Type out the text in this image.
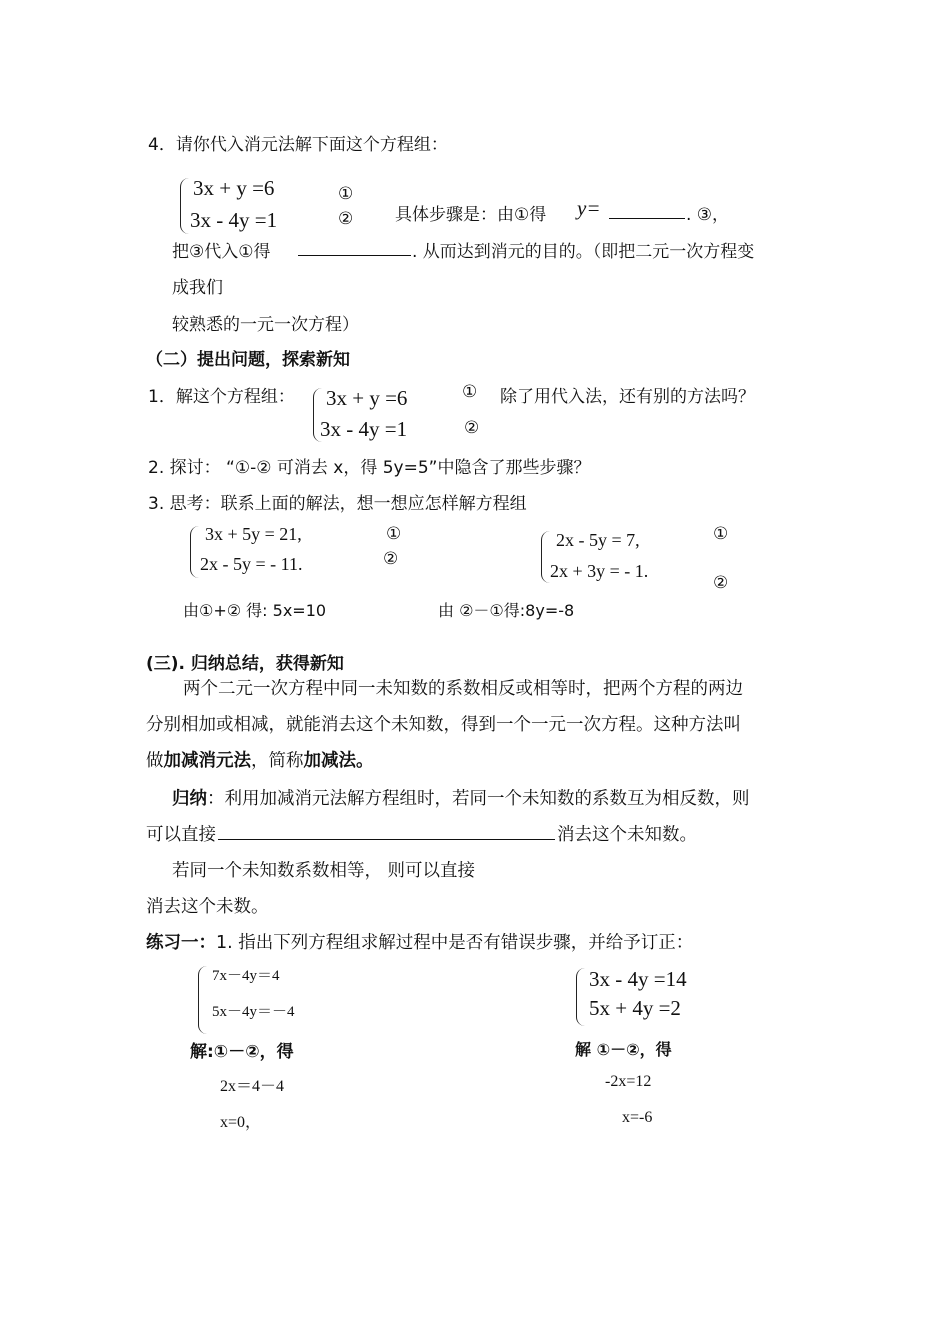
4．请你代入消元法解下面这个方程组：
3x + y =6
3x - 4y =1
①
② 具体步骤是：由①得 y=	. ③，
把③代入①得	. 从而达到消元的目的。（即把二元一次方程变
成我们
较熟悉的一元一次方程）
（二）提出问题，探索新知
1．解这个方程组： 3x + y =6
3x - 4y =1
①
②
除了用代入法，还有别的方法吗？
2. 探讨： “①-② 可消去 x，得 5y=5”中隐含了那些步骤？
3. 思考：联系上面的解法，想一想应怎样解方程组
3x + 5y = 21,
2x - 5y = - 11.
①
②
2x - 5y = 7,
2x + 3y = - 1.
①
②
由①+② 得: 5x=10	由 ②－①得:8y=-8
(三). 归纳总结，获得新知
两个二元一次方程中同一未知数的系数相反或相等时，把两个方程的两边
分别相加或相减，就能消去这个未知数，得到一个一元一次方程。这种方法叫
做加减消元法，简称加减法。
归纳：利用加减消元法解方程组时，若同一个未知数的系数互为相反数，则
可以直接	消去这个未知数。
若同一个未知数系数相等， 则可以直接
消去这个未数。
练习一：1. 指出下列方程组求解过程中是否有错误步骤，并给予订正：
7x－4y＝4
5x－4y＝－4
解:①－②，得
2x＝4－4
x=0，
3x - 4y =14
5x + 4y =2
解 ①－②，得
-2x=12
x=-6
